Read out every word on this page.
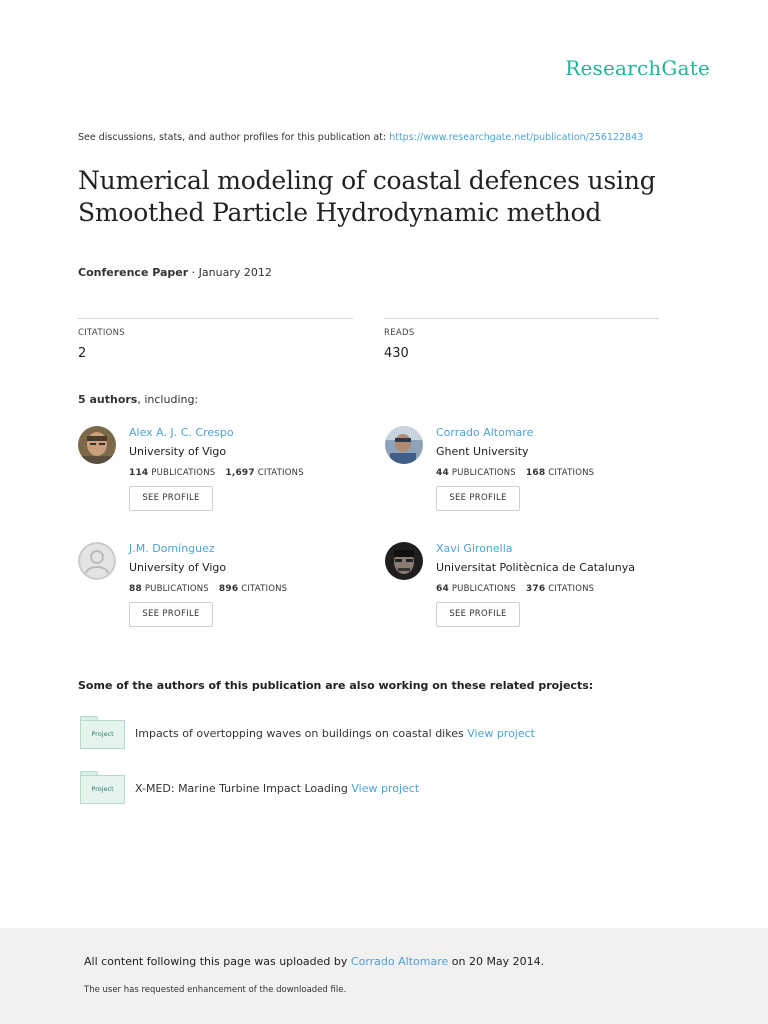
ResearchGate
See discussions, stats, and author profiles for this publication at: https://www.researchgate.net/publication/256122843
Numerical modeling of coastal defences using
Smoothed Particle Hydrodynamic method
Conference Paper · January 2012
CITATIONS
2
READS
430
5 authors, including:
Alex A. J. C. Crespo
University of Vigo
114 PUBLICATIONS 1,697 CITATIONS
SEE PROFILE
Corrado Altomare
Ghent University
44 PUBLICATIONS 168 CITATIONS
SEE PROFILE
J.M. Domínguez
University of Vigo
88 PUBLICATIONS 896 CITATIONS
SEE PROFILE
Xavi Gironella
Universitat Politècnica de Catalunya
64 PUBLICATIONS 376 CITATIONS
SEE PROFILE
Some of the authors of this publication are also working on these related projects:
Project	Impacts of overtopping waves on buildings on coastal dikes View project
Project	X-MED: Marine Turbine Impact Loading View project
All content following this page was uploaded by Corrado Altomare on 20 May 2014.
The user has requested enhancement of the downloaded file.
